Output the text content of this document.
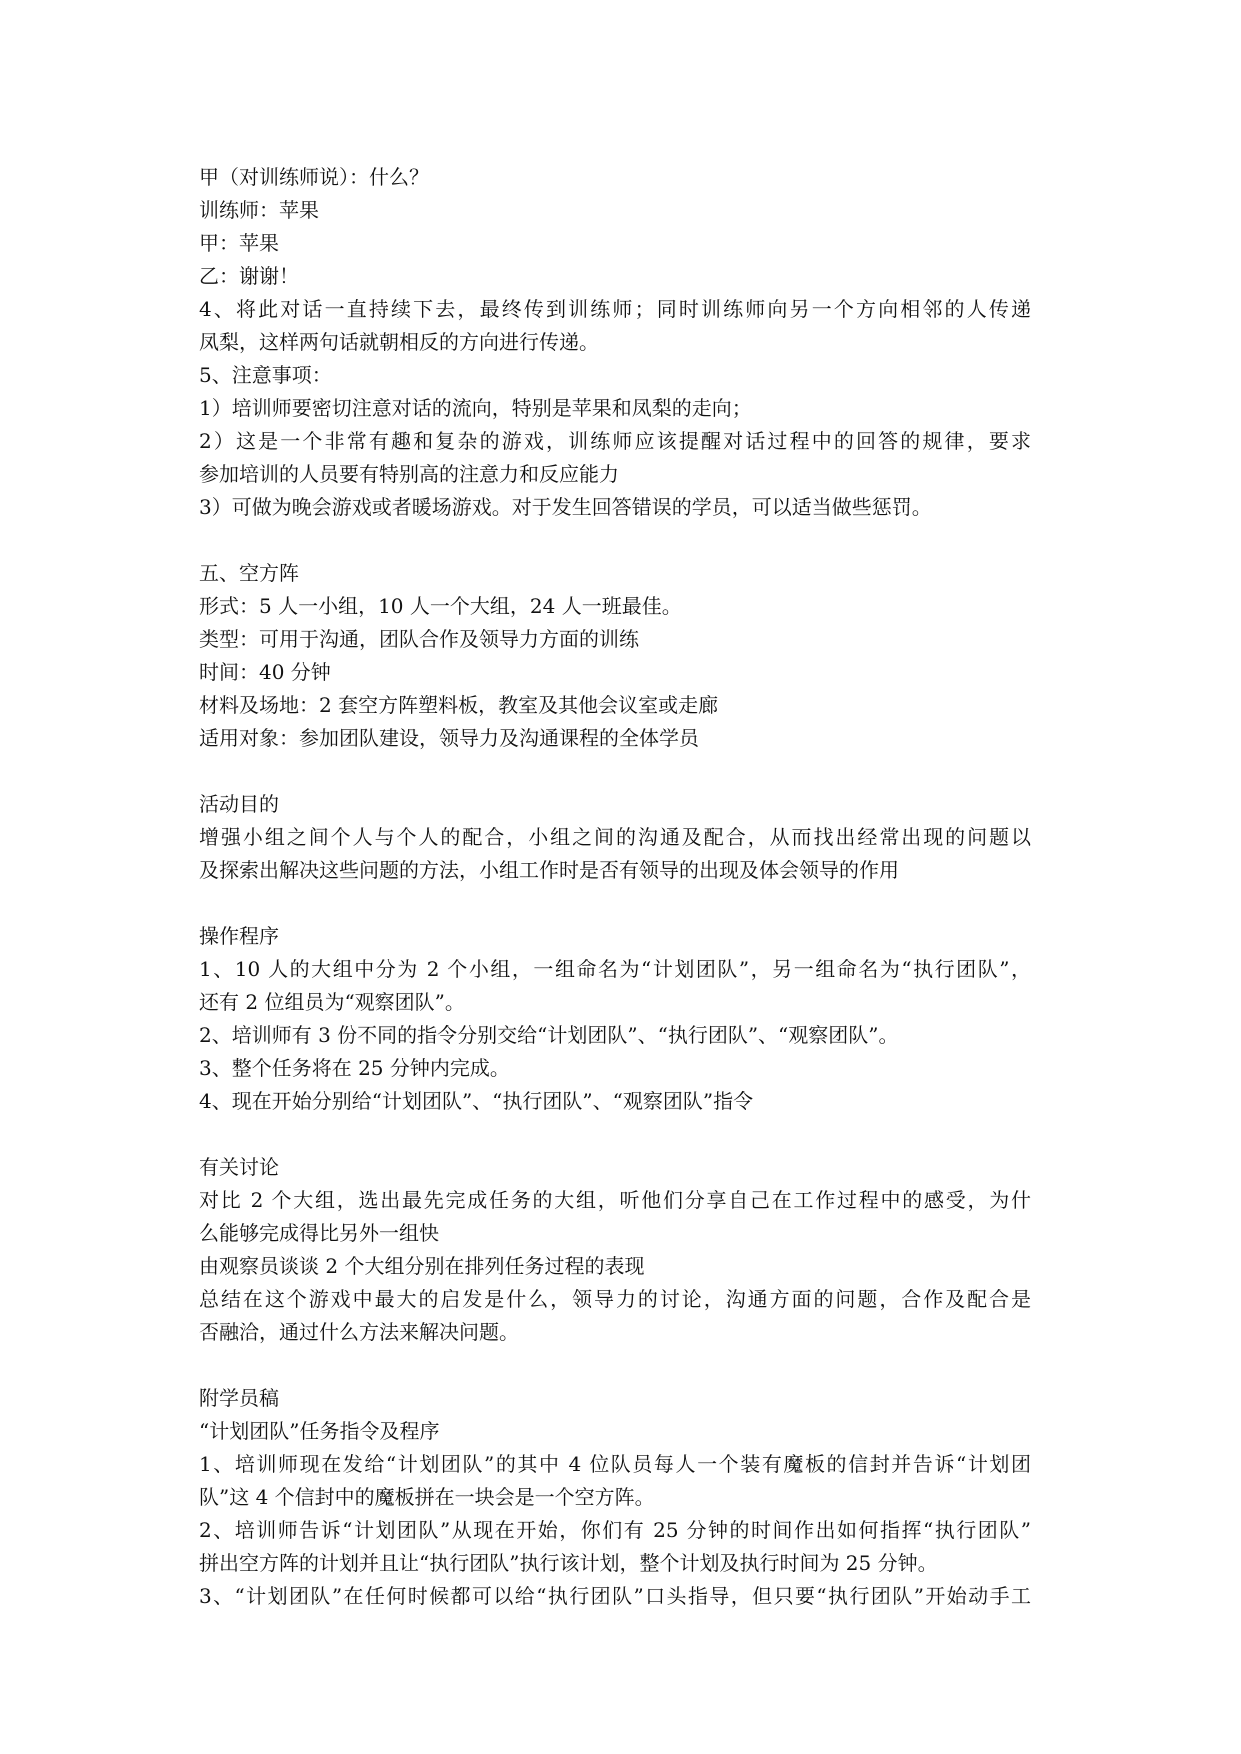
甲（对训练师说）：什么？
训练师：苹果
甲：苹果
乙：谢谢！
4、将此对话一直持续下去，最终传到训练师；同时训练师向另一个方向相邻的人传递
凤梨，这样两句话就朝相反的方向进行传递。
5、注意事项：
1）培训师要密切注意对话的流向，特别是苹果和凤梨的走向；
2）这是一个非常有趣和复杂的游戏，训练师应该提醒对话过程中的回答的规律，要求
参加培训的人员要有特别高的注意力和反应能力
3）可做为晚会游戏或者暖场游戏。对于发生回答错误的学员，可以适当做些惩罚。
五、空方阵
形式：5 人一小组，10 人一个大组，24 人一班最佳。
类型：可用于沟通，团队合作及领导力方面的训练
时间：40 分钟
材料及场地：2 套空方阵塑料板，教室及其他会议室或走廊
适用对象：参加团队建设，领导力及沟通课程的全体学员
活动目的
增强小组之间个人与个人的配合，小组之间的沟通及配合，从而找出经常出现的问题以
及探索出解决这些问题的方法，小组工作时是否有领导的出现及体会领导的作用
操作程序
1、10 人的大组中分为 2 个小组，一组命名为“计划团队”，另一组命名为“执行团队”，
还有 2 位组员为“观察团队”。
2、培训师有 3 份不同的指令分别交给“计划团队”、“执行团队”、“观察团队”。
3、整个任务将在 25 分钟内完成。
4、现在开始分别给“计划团队”、“执行团队”、“观察团队”指令
有关讨论
对比 2 个大组，选出最先完成任务的大组，听他们分享自己在工作过程中的感受，为什
么能够完成得比另外一组快
由观察员谈谈 2 个大组分别在排列任务过程的表现
总结在这个游戏中最大的启发是什么，领导力的讨论，沟通方面的问题，合作及配合是
否融洽，通过什么方法来解决问题。
附学员稿
“计划团队”任务指令及程序
1、培训师现在发给“计划团队”的其中 4 位队员每人一个装有魔板的信封并告诉“计划团
队”这 4 个信封中的魔板拼在一块会是一个空方阵。
2、培训师告诉“计划团队”从现在开始，你们有 25 分钟的时间作出如何指挥“执行团队”
拼出空方阵的计划并且让“执行团队”执行该计划，整个计划及执行时间为 25 分钟。
3、“计划团队”在任何时候都可以给“执行团队”口头指导，但只要“执行团队”开始动手工
